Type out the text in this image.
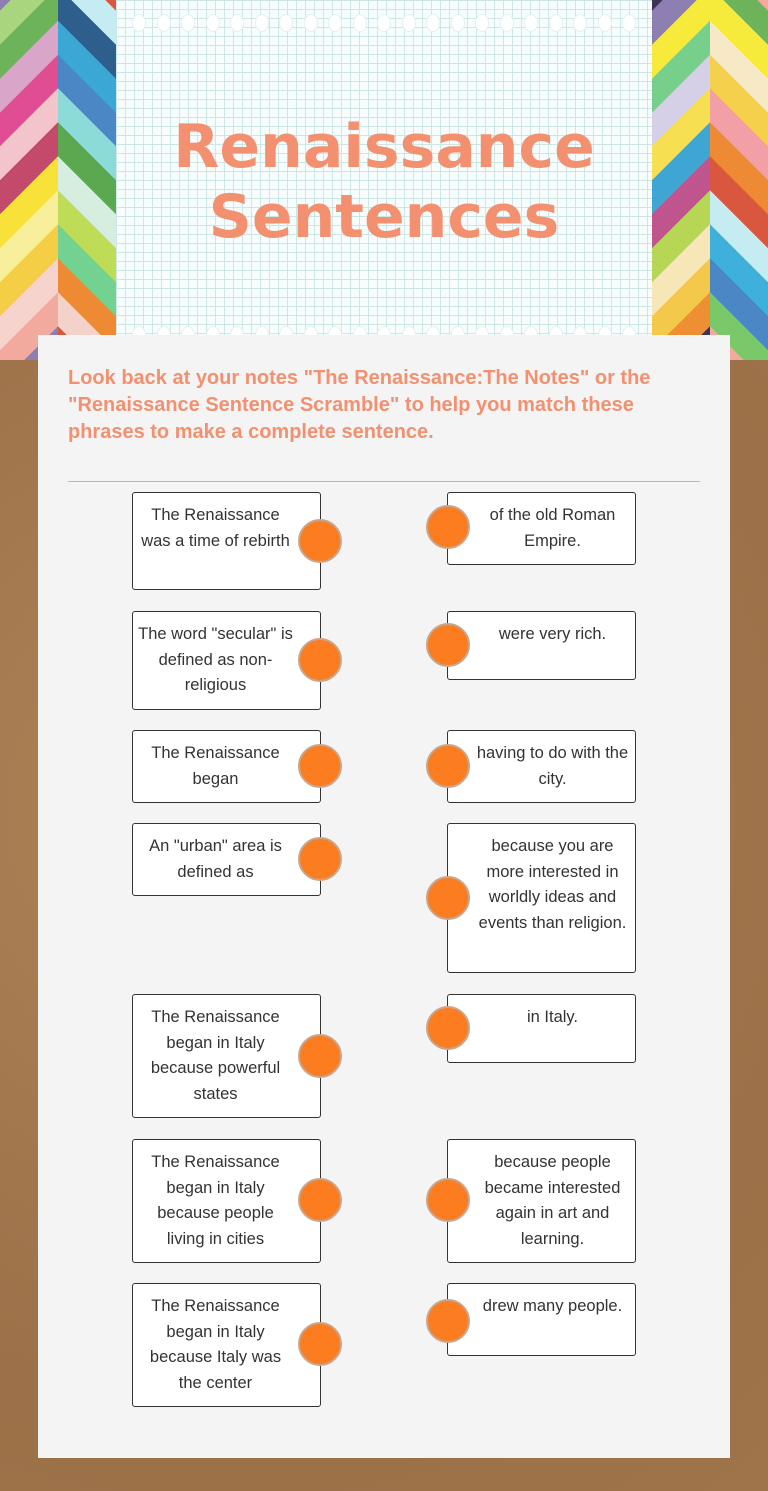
Renaissance
Sentences
Look back at your notes "The Renaissance:The Notes" or the "Renaissance Sentence Scramble" to help you match these phrases to make a complete sentence.
The Renaissance was a time of rebirth
The word "secular" is defined as non-religious
The Renaissance began
An "urban" area is defined as
The Renaissance began in Italy because powerful states
The Renaissance began in Italy because people living in cities
The Renaissance began in Italy because Italy was the center
of the old Roman Empire.
were very rich.
having to do with the city.
because you are more interested in worldly ideas and events than religion.
in Italy.
because people became interested again in art and learning.
drew many people.
